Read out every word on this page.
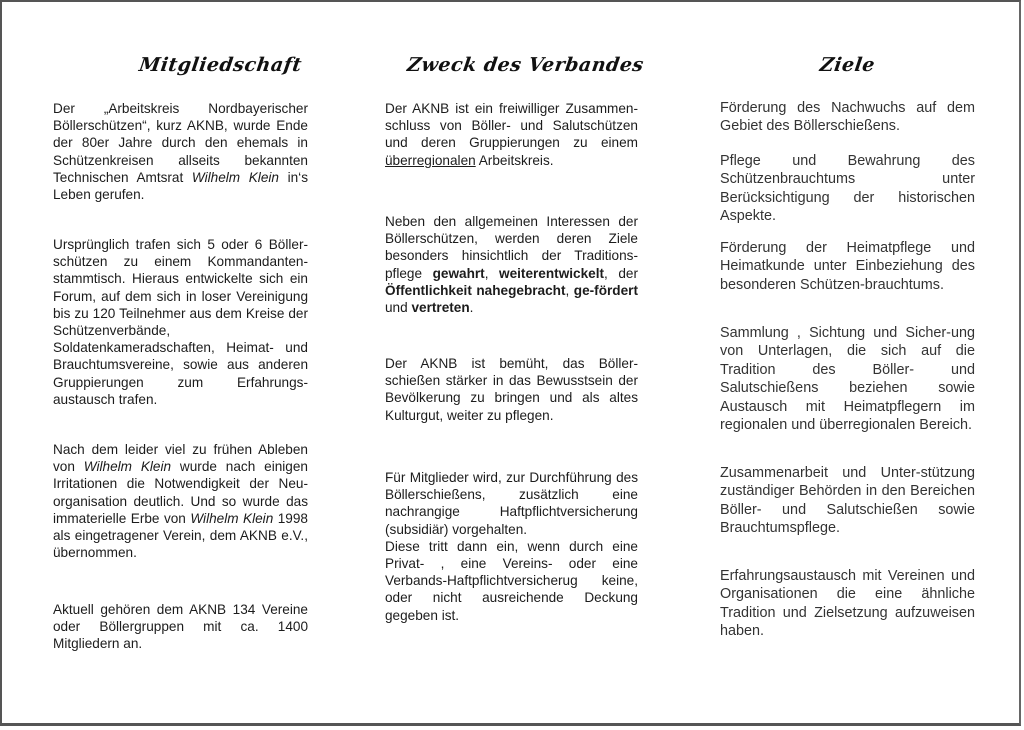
Mitgliedschaft
Der „Arbeitskreis Nordbayerischer Böllerschützen“, kurz AKNB, wurde Ende der 80er Jahre durch den ehemals in Schützenkreisen allseits bekannten Technischen Amtsrat Wilhelm Klein in‘s Leben gerufen.
Ursprünglich trafen sich 5 oder 6 Böller-schützen zu einem Kommandanten-stammtisch. Hieraus entwickelte sich ein Forum, auf dem sich in loser Vereinigung bis zu 120 Teilnehmer aus dem Kreise der Schützenverbände, Soldatenkameradschaften, Heimat- und Brauchtumsvereine, sowie aus anderen Gruppierungen zum Erfahrungs-austausch trafen.
Nach dem leider viel zu frühen Ableben von Wilhelm Klein wurde nach einigen Irritationen die Notwendigkeit der Neu-organisation deutlich. Und so wurde das immaterielle Erbe von Wilhelm Klein 1998 als eingetragener Verein, dem AKNB e.V., übernommen.
Aktuell gehören dem AKNB 134 Vereine oder Böllergruppen mit ca. 1400 Mitgliedern an.
Zweck des Verbandes
Der AKNB ist ein freiwilliger Zusammen-schluss von Böller- und Salutschützen und deren Gruppierungen zu einem überregionalen Arbeitskreis.
Neben den allgemeinen Interessen der Böllerschützen, werden deren Ziele besonders hinsichtlich der Traditions-pflege gewahrt, weiterentwickelt, der Öffentlichkeit nahegebracht, ge-fördert und vertreten.
Der AKNB ist bemüht, das Böller-schießen stärker in das Bewusstsein der Bevölkerung zu bringen und als altes Kulturgut, weiter zu pflegen.
Für Mitglieder wird, zur Durchführung des Böllerschießens, zusätzlich eine nachrangige Haftpflichtversicherung (subsidiär) vorgehalten.
Diese tritt dann ein, wenn durch eine Privat- , eine Vereins- oder eine Verbands-Haftpflichtversicherug keine, oder nicht ausreichende Deckung gegeben ist.
Ziele
Förderung des Nachwuchs auf dem Gebiet des Böllerschießens.
Pflege und Bewahrung des Schützenbrauchtums unter Berücksichtigung der historischen Aspekte.
Förderung der Heimatpflege und Heimatkunde unter Einbeziehung des besonderen Schützen-brauchtums.
Sammlung , Sichtung und Sicher-ung von Unterlagen, die sich auf die Tradition des Böller- und Salutschießens beziehen sowie Austausch mit Heimatpflegern im regionalen und überregionalen Bereich.
Zusammenarbeit und Unter-stützung zuständiger Behörden in den Bereichen Böller- und Salutschießen sowie Brauchtumspflege.
Erfahrungsaustausch mit Vereinen und Organisationen die eine ähnliche Tradition und Zielsetzung aufzuweisen haben.
